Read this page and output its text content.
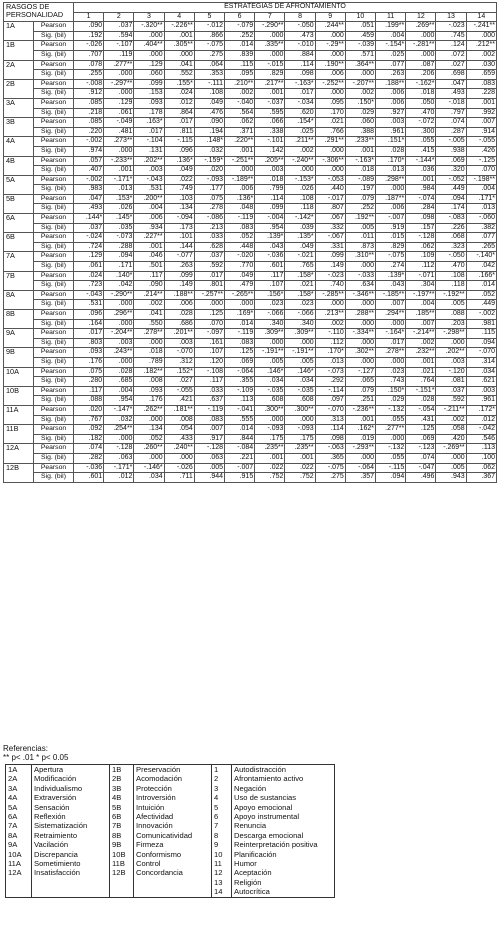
RASGOS DE PERSONALIDAD		ESTRATEGIAS DE AFRONTAMIENTO													
		1	2	3	4	5	6	7	8	9	10	11	12	13	14
1A	Pearson	.090	.037	-.320**	-.226**	-.012	-.079	-.290**	-.050	.244**	.051	.199**	.269**	-.023	-.241**
	Sig. (bil)	.192	.594	.000	.001	.866	.252	.000	.473	.000	.459	.004	.000	.745	.000
1B	Pearson	-.026	-.107	.404**	.305**	-.075	.014	.335**	-.010	-.29**	-.039	-.154*	-.281**	.124	.212**
	Sig. (bil)	.707	.119	.000	.000	.275	.839	.000	.884	.000	.571	.025	.000	.072	.002
2A	Pearson	.078	.277**	.129	.041	.064	.115	-.015	.114	.190**	.364**	.077	.087	.027	.030
	Sig. (bil)	.255	.000	.060	.552	.353	.095	.829	.098	.006	.000	.263	.206	.698	.659
2B	Pearson	-.008	-.297**	.099	.155*	-.111	.210**	.217**	-.163*	-.252**	-.207**	.188**	-.162*	.047	.083
	Sig. (bil)	.912	.000	.153	.024	.108	.002	.001	.017	.000	.002	.006	.018	.493	.228
3A	Pearson	.085	.129	.093	.012	.049	-.040	-.037	-.034	.095	.150*	.006	.050	-.018	.001
	Sig. (bil)	.218	.061	.178	.864	.476	.564	.595	.620	.170	.029	.927	.470	.797	.992
3B	Pearson	.085	-.049	.163*	.017	.090	.062	.066	.154*	.021	.060	.003	-.072	.074	.007
	Sig. (bil)	.220	.481	.017	.811	.194	.371	.338	.025	.766	.388	.961	.300	.287	.914
4A	Pearson	-.002	.273**	-.104	-.115	.148*	.220**	-.101	.211**	.291**	.233**	.151*	.055	-.005	-.055
	Sig. (bil)	.974	.000	.131	.096	.032	.001	.142	.002	.000	.001	.028	.415	.938	.426
4B	Pearson	.057	-.233**	.202**	.136*	-.159*	-.251**	.205**	-.240**	-.306**	-.163*	.170*	-.144*	.069	-.125
	Sig. (bil)	.407	.001	.003	.049	.020	.000	.003	.000	.000	.018	.013	.036	.320	.070
5A	Pearson	-.002	-.171*	-.043	.022	-.093	-.189**	.018	-.153*	-.053	-.089	.298**	.001	-.052	-.198**
	Sig. (bil)	.983	.013	.531	.749	.177	.006	.799	.026	.440	.197	.000	.984	.449	.004
5B	Pearson	.047	.153*	.200**	.103	.075	.136*	.114	.108	-.017	.079	.187**	-.074	.094	.171*
	Sig. (bil)	.493	.026	.004	.134	.278	.048	.099	.118	.807	.252	.006	.284	.174	.013
6A	Pearson	.144*	.145*	.006	-.094	-.086	-.119	-.004	-.142*	.067	.192**	-.007	.098	-.083	-.060
	Sig. (bil)	.037	.035	.934	.173	.213	.083	.954	.039	.332	.005	.919	.157	.226	.382
6B	Pearson	-.024	-.073	.227**	.101	.033	.052	.139*	.135*	-.067	.011	.015	-.128	.068	.077
	Sig. (bil)	.724	.288	.001	.144	.628	.448	.043	.049	.331	.873	.829	.062	.323	.265
7A	Pearson	.129	.094	.046	-.077	.037	-.020	-.036	-.021	.099	.310**	-.075	.109	-.050	-.140*
	Sig. (bil)	.061	.171	.501	.263	.592	.770	.601	.765	.149	.000	.274	.112	.470	.042
7B	Pearson	.024	.140*	.117	.099	.017	.049	.117	.158*	-.023	-.033	.139*	-.071	.108	.166*
	Sig. (bil)	.723	.042	.090	.149	.801	.479	.107	.021	.740	.634	.043	.304	.118	.014
8A	Pearson	-.043	-.290**	.214**	.188**	-.257**	-.265**	.156*	.158*	-.285**	-.346**	-.185**	-.197**	-.192**	.052
	Sig. (bil)	.531	.000	.002	.006	.000	.000	.023	.023	.000	.000	.007	.004	.005	.449
8B	Pearson	.096	.296**	.041	.028	.125	.169*	-.066	-.066	.213**	.288**	.294**	.185**	.088	-.002
	Sig. (bil)	.164	.000	.550	.686	.070	.014	.340	.340	.002	.000	.000	.007	.203	.981
9A	Pearson	.017	-.204**	.278**	.201**	-.097	-.119	.309**	.309**	-.110	-.334**	-.164*	-.214**	-.298**	.115
	Sig. (bil)	.803	.003	.000	.003	.161	.083	.000	.000	.112	.000	.017	.002	.000	.094
9B	Pearson	.093	.243**	.018	-.070	.107	.125	-.191**	-.191**	.170*	.302**	.278**	.232**	.202**	-.070
	Sig. (bil)	.176	.000	.789	.312	.120	.069	.005	.005	.013	.000	.000	.001	.003	.314
10A	Pearson	.075	.028	.182**	.152*	-.108	-.064	.146*	.146*	-.073	-.127	.023	.021	-.120	.034
	Sig. (bil)	.280	.685	.008	.027	.117	.355	.034	.034	.292	.065	.743	.764	.081	.621
10B	Pearson	.117	.004	.093	-.055	.033	-.109	-.035	-.035	-.114	.079	.150*	-.151*	.037	.003
	Sig. (bil)	.088	.954	.176	.421	.637	.113	.608	.608	.097	.251	.029	.028	.592	.961
11A	Pearson	.020	-.147*	.262**	.181**	-.119	-.041	.300**	.300**	-.070	-.236**	-.132	-.054	-.211**	.172*
	Sig. (bil)	.767	.032	.000	.008	.083	.555	.000	.000	.313	.001	.055	.431	.002	.012
11B	Pearson	.092	.254**	.134	.054	.007	.014	-.093	-.093	.114	.162*	.277**	.125	.058	-.042
	Sig. (bil)	.182	.000	.052	.433	.917	.844	.175	.175	.098	.019	.000	.069	.420	.546
12A	Pearson	.074	-.128	.260**	.240**	-.128	-.084	.235**	.235**	-.063	-.293**	-.132	-.123	-.269**	.113
	Sig. (bil)	.282	.063	.000	.000	.063	.221	.001	.001	.365	.000	.055	.074	.000	.100
12B	Pearson	-.036	-.171*	-.146*	-.026	.005	-.007	.022	.022	-.075	-.064	-.115	-.047	.005	.062
	Sig. (bil)	.601	.012	.034	.711	.944	.915	.752	.752	.275	.357	.094	.496	.943	.367
Referencias:
** p< .01 * p< 0.05
1A	Apertura	1B	Preservación	1	Autodistracción
2A	Modificación	2B	Acomodación	2	Afrontamiento activo
3A	Individualismo	3B	Protección	3	Negación
4A	Extraversión	4B	Introversión	4	Uso de sustancias
5A	Sensación	5B	Intuición	5	Apoyo emocional
6A	Reflexión	6B	Afectividad	6	Apoyo instrumental
7A	Sistematización	7B	Innovación	7	Renuncia
8A	Retraimiento	8B	Comunicatividad	8	Descarga emocional
9A	Vacilación	9B	Firmeza	9	Reinterpretación positiva
10A	Discrepancia	10B	Conformismo	10	Planificación
11A	Sometimiento	11B	Control	11	Humor
12A	Insatisfacción	12B	Concordancia	12	Aceptación
				13	Religión
				14	Autocrítica
